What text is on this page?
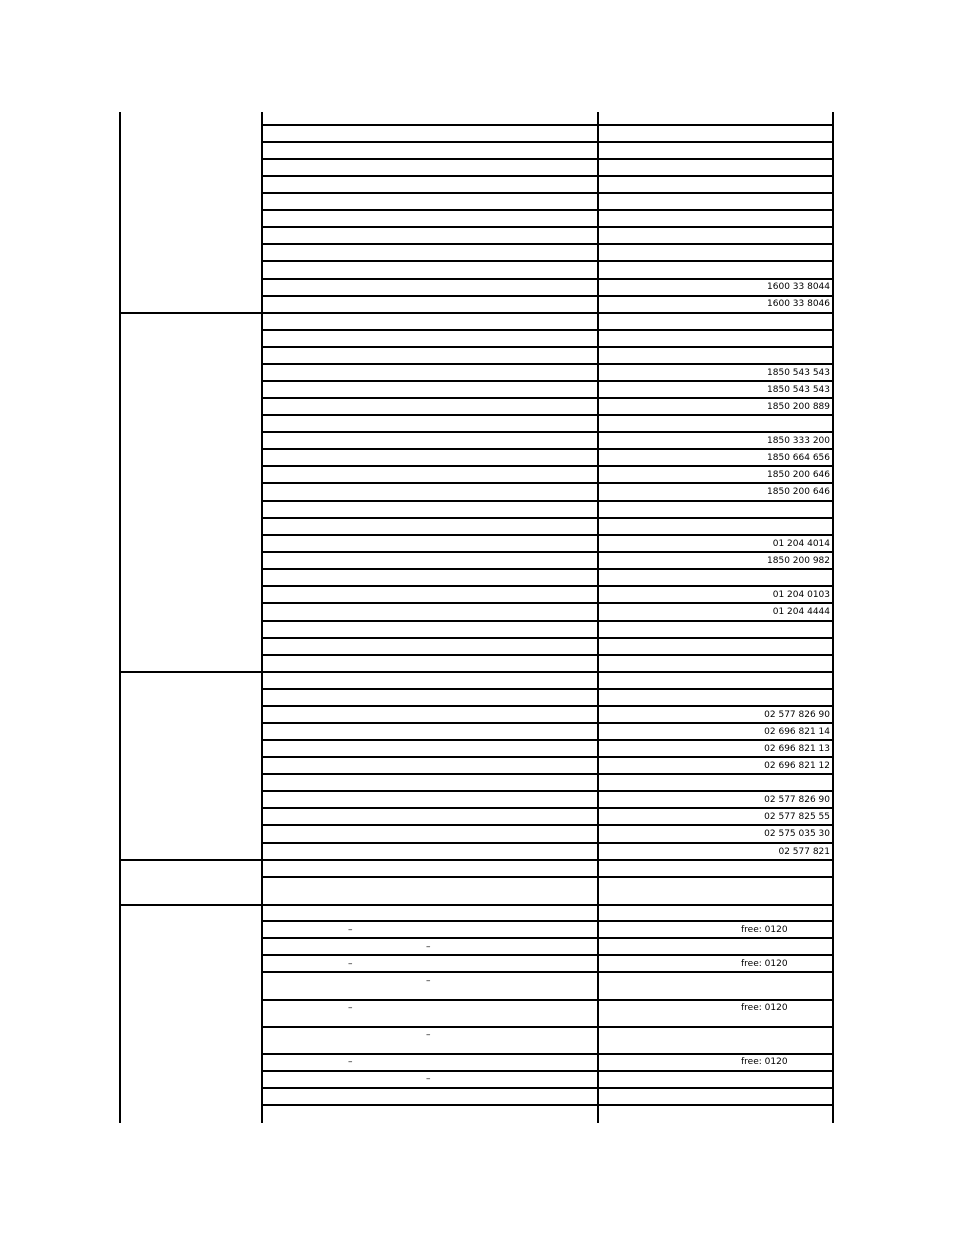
1600 33 8044
1600 33 8046
1850 543 543
1850 543 543
1850 200 889
1850 333 200
1850 664 656
1850 200 646
1850 200 646
01 204 4014
1850 200 982
01 204 0103
01 204 4444
02 577 826 90
02 696 821 14
02 696 821 13
02 696 821 12
02 577 826 90
02 577 825 55
02 575 035 30
02 577 821
–	free: 0120
–
–	free: 0120
–
–	free: 0120
–
–	free: 0120
–
